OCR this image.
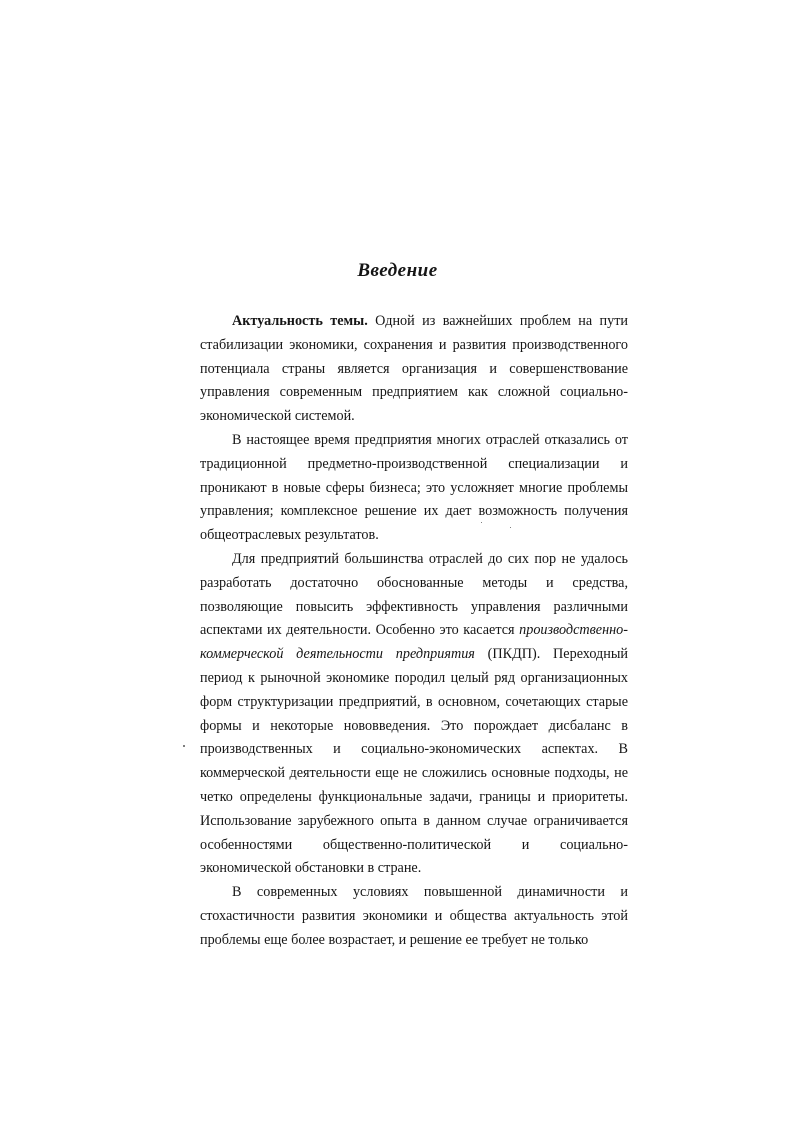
Введение

Актуальность темы. Одной из важнейших проблем на пути стабилизации экономики, сохранения и развития производственного потенциала страны является организация и совершенствование управления современным предприятием как сложной социально-экономической системой.

В настоящее время предприятия многих отраслей отказались от традиционной предметно-производственной специализации и проникают в новые сферы бизнеса; это усложняет многие проблемы управления; комплексное решение их дает возможность получения общеотраслевых результатов.

Для предприятий большинства отраслей до сих пор не удалось разработать достаточно обоснованные методы и средства, позволяющие повысить эффективность управления различными аспектами их деятельности. Особенно это касается производственно-коммерческой деятельности предприятия (ПКДП). Переходный период к рыночной экономике породил целый ряд организационных форм структуризации предприятий, в основном, сочетающих старые формы и некоторые нововведения. Это порождает дисбаланс в производственных и социально-экономических аспектах. В коммерческой деятельности еще не сложились основные подходы, не четко определены функциональные задачи, границы и приоритеты. Использование зарубежного опыта в данном случае ограничивается особенностями общественно-политической и социально-экономической обстановки в стране.

В современных условиях повышенной динамичности и стохастичности развития экономики и общества актуальность этой проблемы еще более возрастает, и решение ее требует не только
